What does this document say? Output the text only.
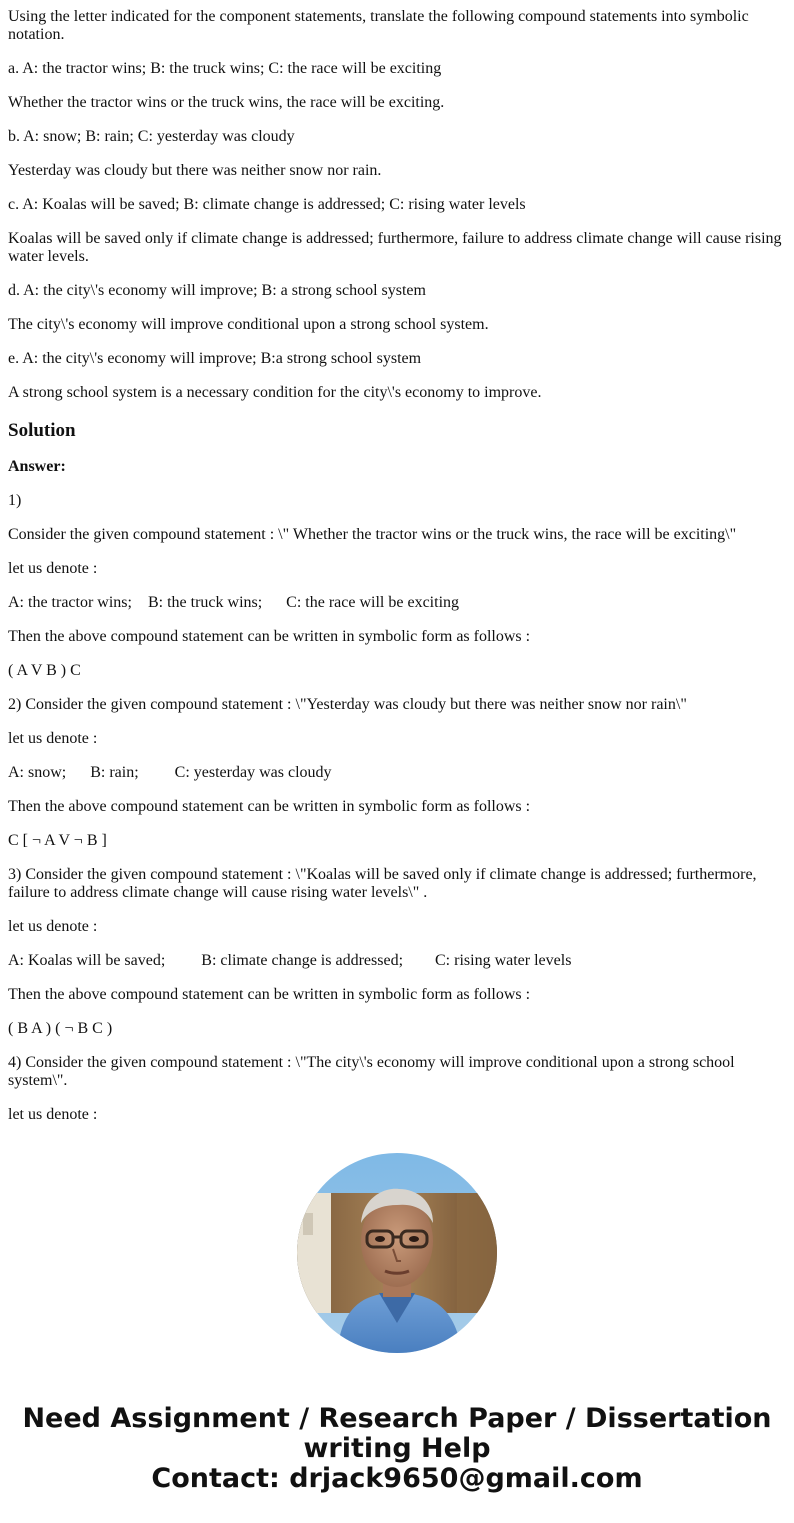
Using the letter indicated for the component statements, translate the following compound statements into symbolic notation.

a. A: the tractor wins; B: the truck wins; C: the race will be exciting

Whether the tractor wins or the truck wins, the race will be exciting.

b. A: snow; B: rain; C: yesterday was cloudy

Yesterday was cloudy but there was neither snow nor rain.

c. A: Koalas will be saved; B: climate change is addressed; C: rising water levels

Koalas will be saved only if climate change is addressed; furthermore, failure to address climate change will cause rising water levels.

d. A: the city\'s economy will improve; B: a strong school system

The city\'s economy will improve conditional upon a strong school system.

e. A: the city\'s economy will improve; B:a strong school system

A strong school system is a necessary condition for the city\'s economy to improve.

Solution

Answer:

1)

Consider the given compound statement : \" Whether the tractor wins or the truck wins, the race will be exciting\"

let us denote :

A: the tractor wins;    B: the truck wins;      C: the race will be exciting

Then the above compound statement can be written in symbolic form as follows :

( A V B ) C

2) Consider the given compound statement : \"Yesterday was cloudy but there was neither snow nor rain\"

let us denote :

A: snow;      B: rain;         C: yesterday was cloudy

Then the above compound statement can be written in symbolic form as follows :

C [ ¬ A V ¬ B ]

3) Consider the given compound statement : \"Koalas will be saved only if climate change is addressed; furthermore, failure to address climate change will cause rising water levels\" .

let us denote :

A: Koalas will be saved;         B: climate change is addressed;        C: rising water levels

Then the above compound statement can be written in symbolic form as follows :

( B A ) ( ¬ B C )

4) Consider the given compound statement : \"The city\'s economy will improve conditional upon a strong school system\".

let us denote :

Need Assignment / Research Paper / Dissertation
writing Help
Contact: drjack9650@gmail.com
